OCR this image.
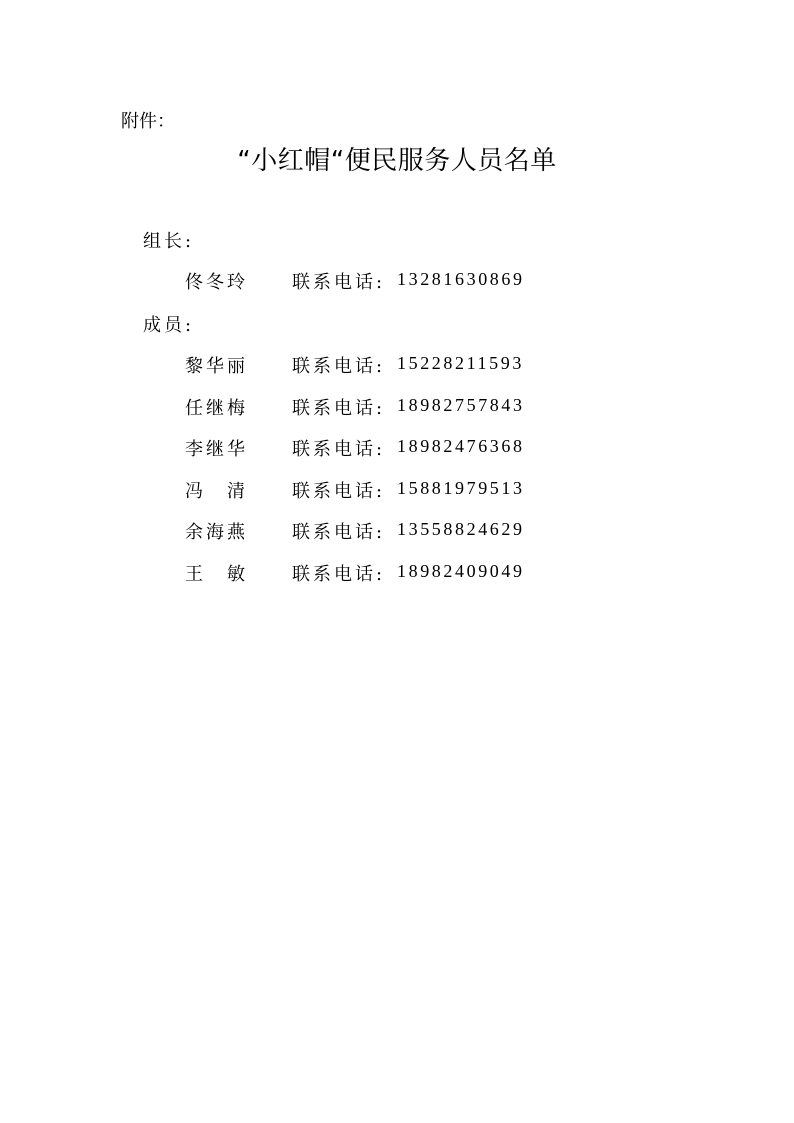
附件：
“小红帽“便民服务人员名单
组长:
佟冬玲	联系电话: 13281630869
成员:
黎华丽	联系电话: 15228211593
任继梅	联系电话: 18982757843
李继华	联系电话: 18982476368
冯　清	联系电话: 15881979513
余海燕	联系电话: 13558824629
王　敏	联系电话: 18982409049
